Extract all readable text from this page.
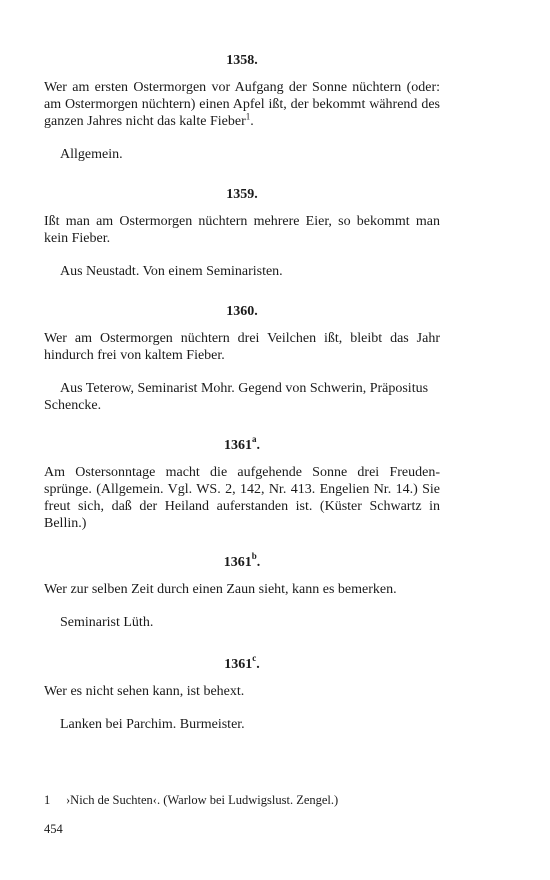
1358.
Wer am ersten Ostermorgen vor Aufgang der Sonne nüchtern (oder: am Ostermorgen nüchtern) einen Apfel ißt, der bekommt während des ganzen Jahres nicht das kalte Fieber$^1$.
Allgemein.
1359.
Ißt man am Ostermorgen nüchtern mehrere Eier, so bekommt man kein Fieber.
Aus Neustadt. Von einem Seminaristen.
1360.
Wer am Ostermorgen nüchtern drei Veilchen ißt, bleibt das Jahr hindurch frei von kaltem Fieber.
Aus Teterow, Seminarist Mohr. Gegend von Schwerin, Präpositus Schencke.
1361$^a$.
Am Ostersonntage macht die aufgehende Sonne drei Freuden-sprünge. (Allgemein. Vgl. WS. 2, 142, Nr. 413. Engelien Nr. 14.) Sie freut sich, daß der Heiland auferstanden ist. (Küster Schwartz in Bellin.)
1361$^b$.
Wer zur selben Zeit durch einen Zaun sieht, kann es bemerken.
Seminarist Lüth.
1361$^c$.
Wer es nicht sehen kann, ist behext.
Lanken bei Parchim. Burmeister.
1 ›Nich de Suchten‹. (Warlow bei Ludwigslust. Zengel.)
454
